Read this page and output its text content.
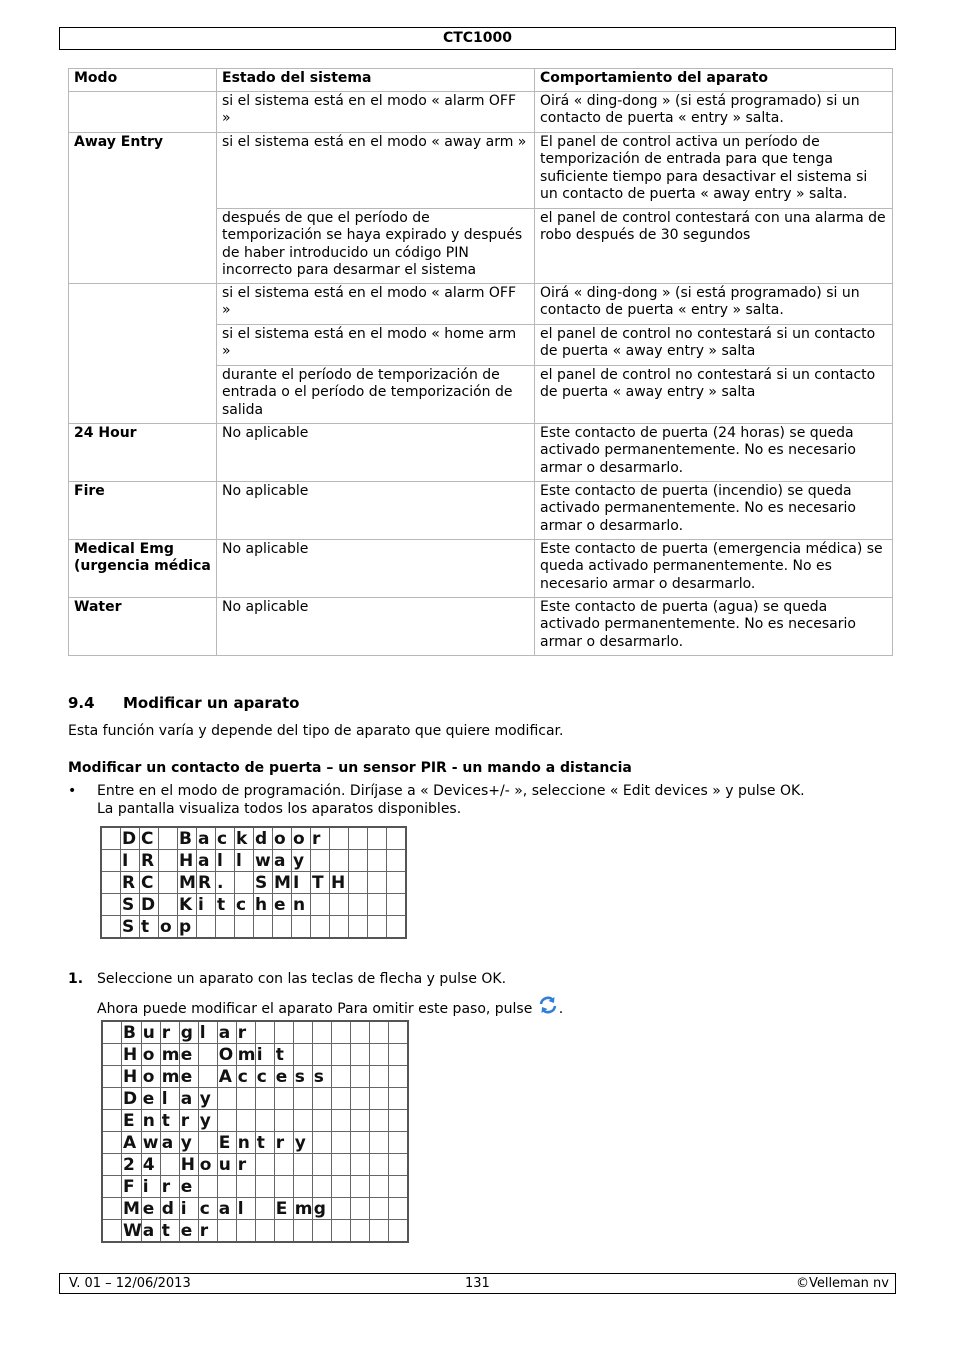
CTC1000
Modo	Estado del sistema	Comportamiento del aparato
	si el sistema está en el modo « alarm OFF »	Oirá « ding-dong » (si está programado) si un contacto de puerta « entry » salta.
Away Entry	si el sistema está en el modo « away arm »	El panel de control activa un período de temporización de entrada para que tenga suficiente tiempo para desactivar el sistema si un contacto de puerta « away entry » salta.
	después de que el período de temporización se haya expirado y después de haber introducido un código PIN incorrecto para desarmar el sistema	el panel de control contestará con una alarma de robo después de 30 segundos
	si el sistema está en el modo « alarm OFF »	Oirá « ding-dong » (si está programado) si un contacto de puerta « entry » salta.
	si el sistema está en el modo « home arm »	el panel de control no contestará si un contacto de puerta « away entry » salta
	durante el período de temporización de entrada o el período de temporización de salida	el panel de control no contestará si un contacto de puerta « away entry » salta
24 Hour	No aplicable	Este contacto de puerta (24 horas) se queda activado permanentemente. No es necesario armar o desarmarlo.
Fire	No aplicable	Este contacto de puerta (incendio) se queda activado permanentemente. No es necesario armar o desarmarlo.
Medical Emg (urgencia médica	No aplicable	Este contacto de puerta (emergencia médica) se queda activado permanentemente. No es necesario armar o desarmarlo.
Water	No aplicable	Este contacto de puerta (agua) se queda activado permanentemente. No es necesario armar o desarmarlo.
9.4 Modificar un aparato

Esta función varía y depende del tipo de aparato que quiere modificar.

Modificar un contacto de puerta – un sensor PIR - un mando a distancia

• Entre en el modo de programación. Diríjase a « Devices+/- », seleccione « Edit devices » y pulse OK.
La pantalla visualiza todos los aparatos disponibles.
	D	C		B	a	c	k	d	o	o	r				
	I	R		H	a	l	l	w	a	y					
	R	C		M	R	.		S	M	I	T	H			
	S	D		K	i	t	c	h	e	n					
	S	t	o	p											
1. Seleccione un aparato con las teclas de flecha y pulse OK.
Ahora puede modificar el aparato Para omitir este paso, pulse .
	B	u	r	g	l	a	r								
	H	o	m	e		O	m	i	t						
	H	o	m	e		A	c	c	e	s	s				
	D	e	l	a	y										
	E	n	t	r	y										
	A	w	a	y		E	n	t	r	y					
	2	4		H	o	u	r								
	F	i	r	e											
	M	e	d	i	c	a	l		E	m	g				
	W	a	t	e	r										
V. 01 – 12/06/2013	131	©Velleman nv
